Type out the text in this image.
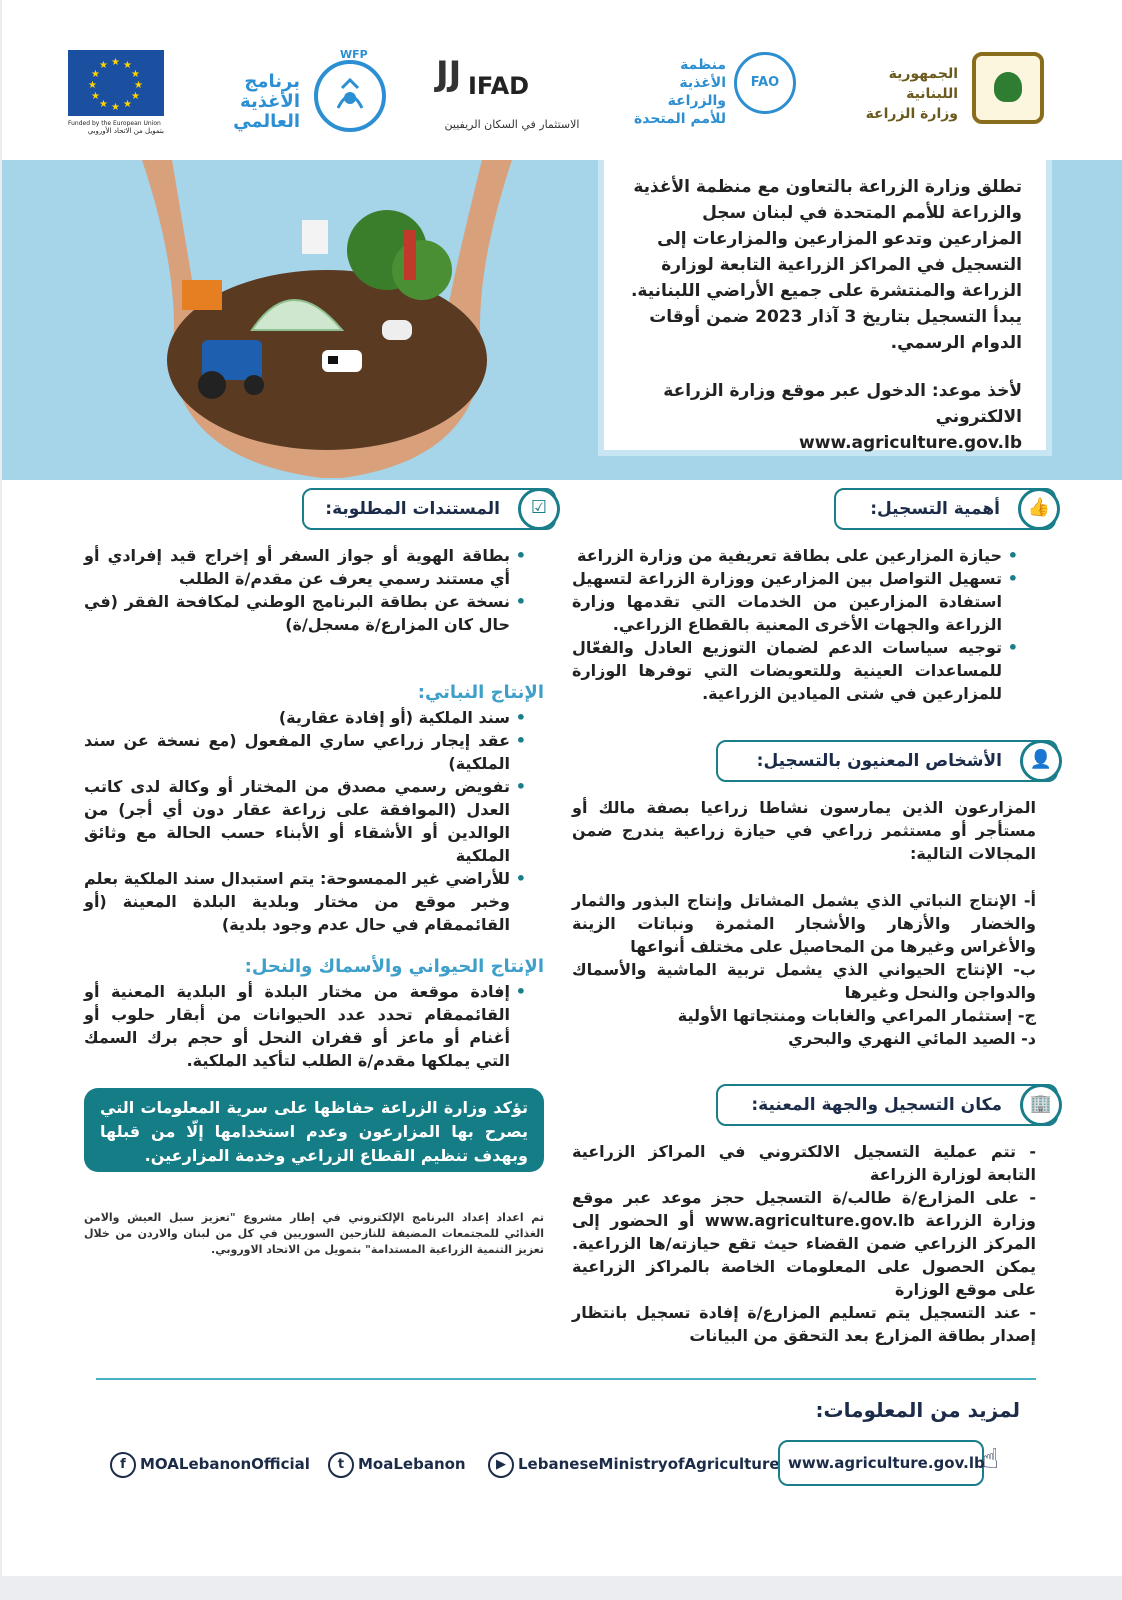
★ ★
★
★
★
★
★
★
★
★
★
★
Funded by the European Union
بتمويل من الاتحاد الأوروبي
برنامج الأغذية
العالمي
WFP JJ IFAD
الاستثمار في السكان الريفيين
منظمة
الأغذية والزراعة
للأمم المتحدة
FAO
الجمهورية اللبنانية
وزارة الزراعة

تطلق وزارة الزراعة بالتعاون مع منظمة الأغذية والزراعة للأمم المتحدة في لبنان سجل المزارعين وتدعو المزارعين والمزارعات إلى التسجيل في المراكز الزراعية التابعة لوزارة الزراعة والمنتشرة على جميع الأراضي اللبنانية.

يبدأ التسجيل بتاريخ 3 آذار 2023 ضمن أوقات الدوام الرسمي.

لأخذ موعد: الدخول عبر موقع وزارة الزراعة الالكتروني

www.agriculture.gov.lb

أهمية التسجيل:	👍
• حيازة المزارعين على بطاقة تعريفية من وزارة الزراعة
• تسهيل التواصل بين المزارعين ووزارة الزراعة لتسهيل استفادة المزارعين من الخدمات التي تقدمها وزارة الزراعة والجهات الأخرى المعنية بالقطاع الزراعي.
• توجيه سياسات الدعم لضمان التوزيع العادل والفعّال للمساعدات العينية وللتعويضات التي توفرها الوزارة للمزارعين في شتى الميادين الزراعية.
الأشخاص المعنيون بالتسجيل:	👤

المزارعون الذين يمارسون نشاطا زراعيا بصفة مالك أو مستأجر أو مستثمر زراعي في حيازة زراعية يندرج ضمن المجالات التالية:

أ- الإنتاج النباتي الذي يشمل المشاتل وإنتاج البذور والثمار والخضار والأزهار والأشجار المثمرة ونباتات الزينة والأغراس وغيرها من المحاصيل على مختلف أنواعها

ب- الإنتاج الحيواني الذي يشمل تربية الماشية والأسماك والدواجن والنحل وغيرها

ج- إستثمار المراعي والغابات ومنتجاتها الأولية

د- الصيد المائي النهري والبحري

مكان التسجيل والجهة المعنية:	🏢

- تتم عملية التسجيل الالكتروني في المراكز الزراعية التابعة لوزارة الزراعة

- على المزارع/ة طالب/ة التسجيل حجز موعد عبر موقع وزارة الزراعة www.agriculture.gov.lb أو الحضور إلى المركز الزراعي ضمن القضاء حيث تقع حيازته/ها الزراعية. يمكن الحصول على المعلومات الخاصة بالمراكز الزراعية على موقع الوزارة

- عند التسجيل يتم تسليم المزارع/ة إفادة تسجيل بانتظار إصدار بطاقة المزارع بعد التحقق من البيانات

المستندات المطلوبة:	☑
• بطاقة الهوية أو جواز السفر أو إخراج قيد إفرادي أو أي مستند رسمي يعرف عن مقدم/ة الطلب
• نسخة عن بطاقة البرنامج الوطني لمكافحة الفقر (في حال كان المزارع/ة مسجل/ة)
الإنتاج النباتي:
• سند الملكية (أو إفادة عقارية)
• عقد إيجار زراعي ساري المفعول (مع نسخة عن سند الملكية)
• تفويض رسمي مصدق من المختار أو وكالة لدى كاتب العدل (الموافقة على زراعة عقار دون أي أجر) من الوالدين أو الأشقاء أو الأبناء حسب الحالة مع وثائق الملكية
• للأراضي غير الممسوحة: يتم استبدال سند الملكية بعلم وخبر موقع من مختار وبلدية البلدة المعينة (أو القائممقام في حال عدم وجود بلدية)
الإنتاج الحيواني والأسماك والنحل:
• إفادة موقعة من مختار البلدة أو البلدية المعنية أو القائممقام تحدد عدد الحيوانات من أبقار حلوب أو أغنام أو ماعز أو قفران النحل أو حجم برك السمك التي يملكها مقدم/ة الطلب لتأكيد الملكية.
تؤكد وزارة الزراعة حفاظها على سرية المعلومات التي يصرح بها المزارعون وعدم استخدامها إلّا من قبلها وبهدف تنظيم القطاع الزراعي وخدمة المزارعين.
تم اعداد إعداد البرنامج الإلكتروني في إطار مشروع "تعزيز سبل العيش والامن الغذائي للمجتمعات المضيفة للنازحين السوريين في كل من لبنان والاردن من خلال تعزيز التنمية الزراعية المستدامة" بتمويل من الاتحاد الاوروبي.
لمزيد من المعلومات:
f MOALebanonOfficial	t MoaLebanon	▶ LebaneseMinistryofAgriculture www.agriculture.gov.lb
☝
